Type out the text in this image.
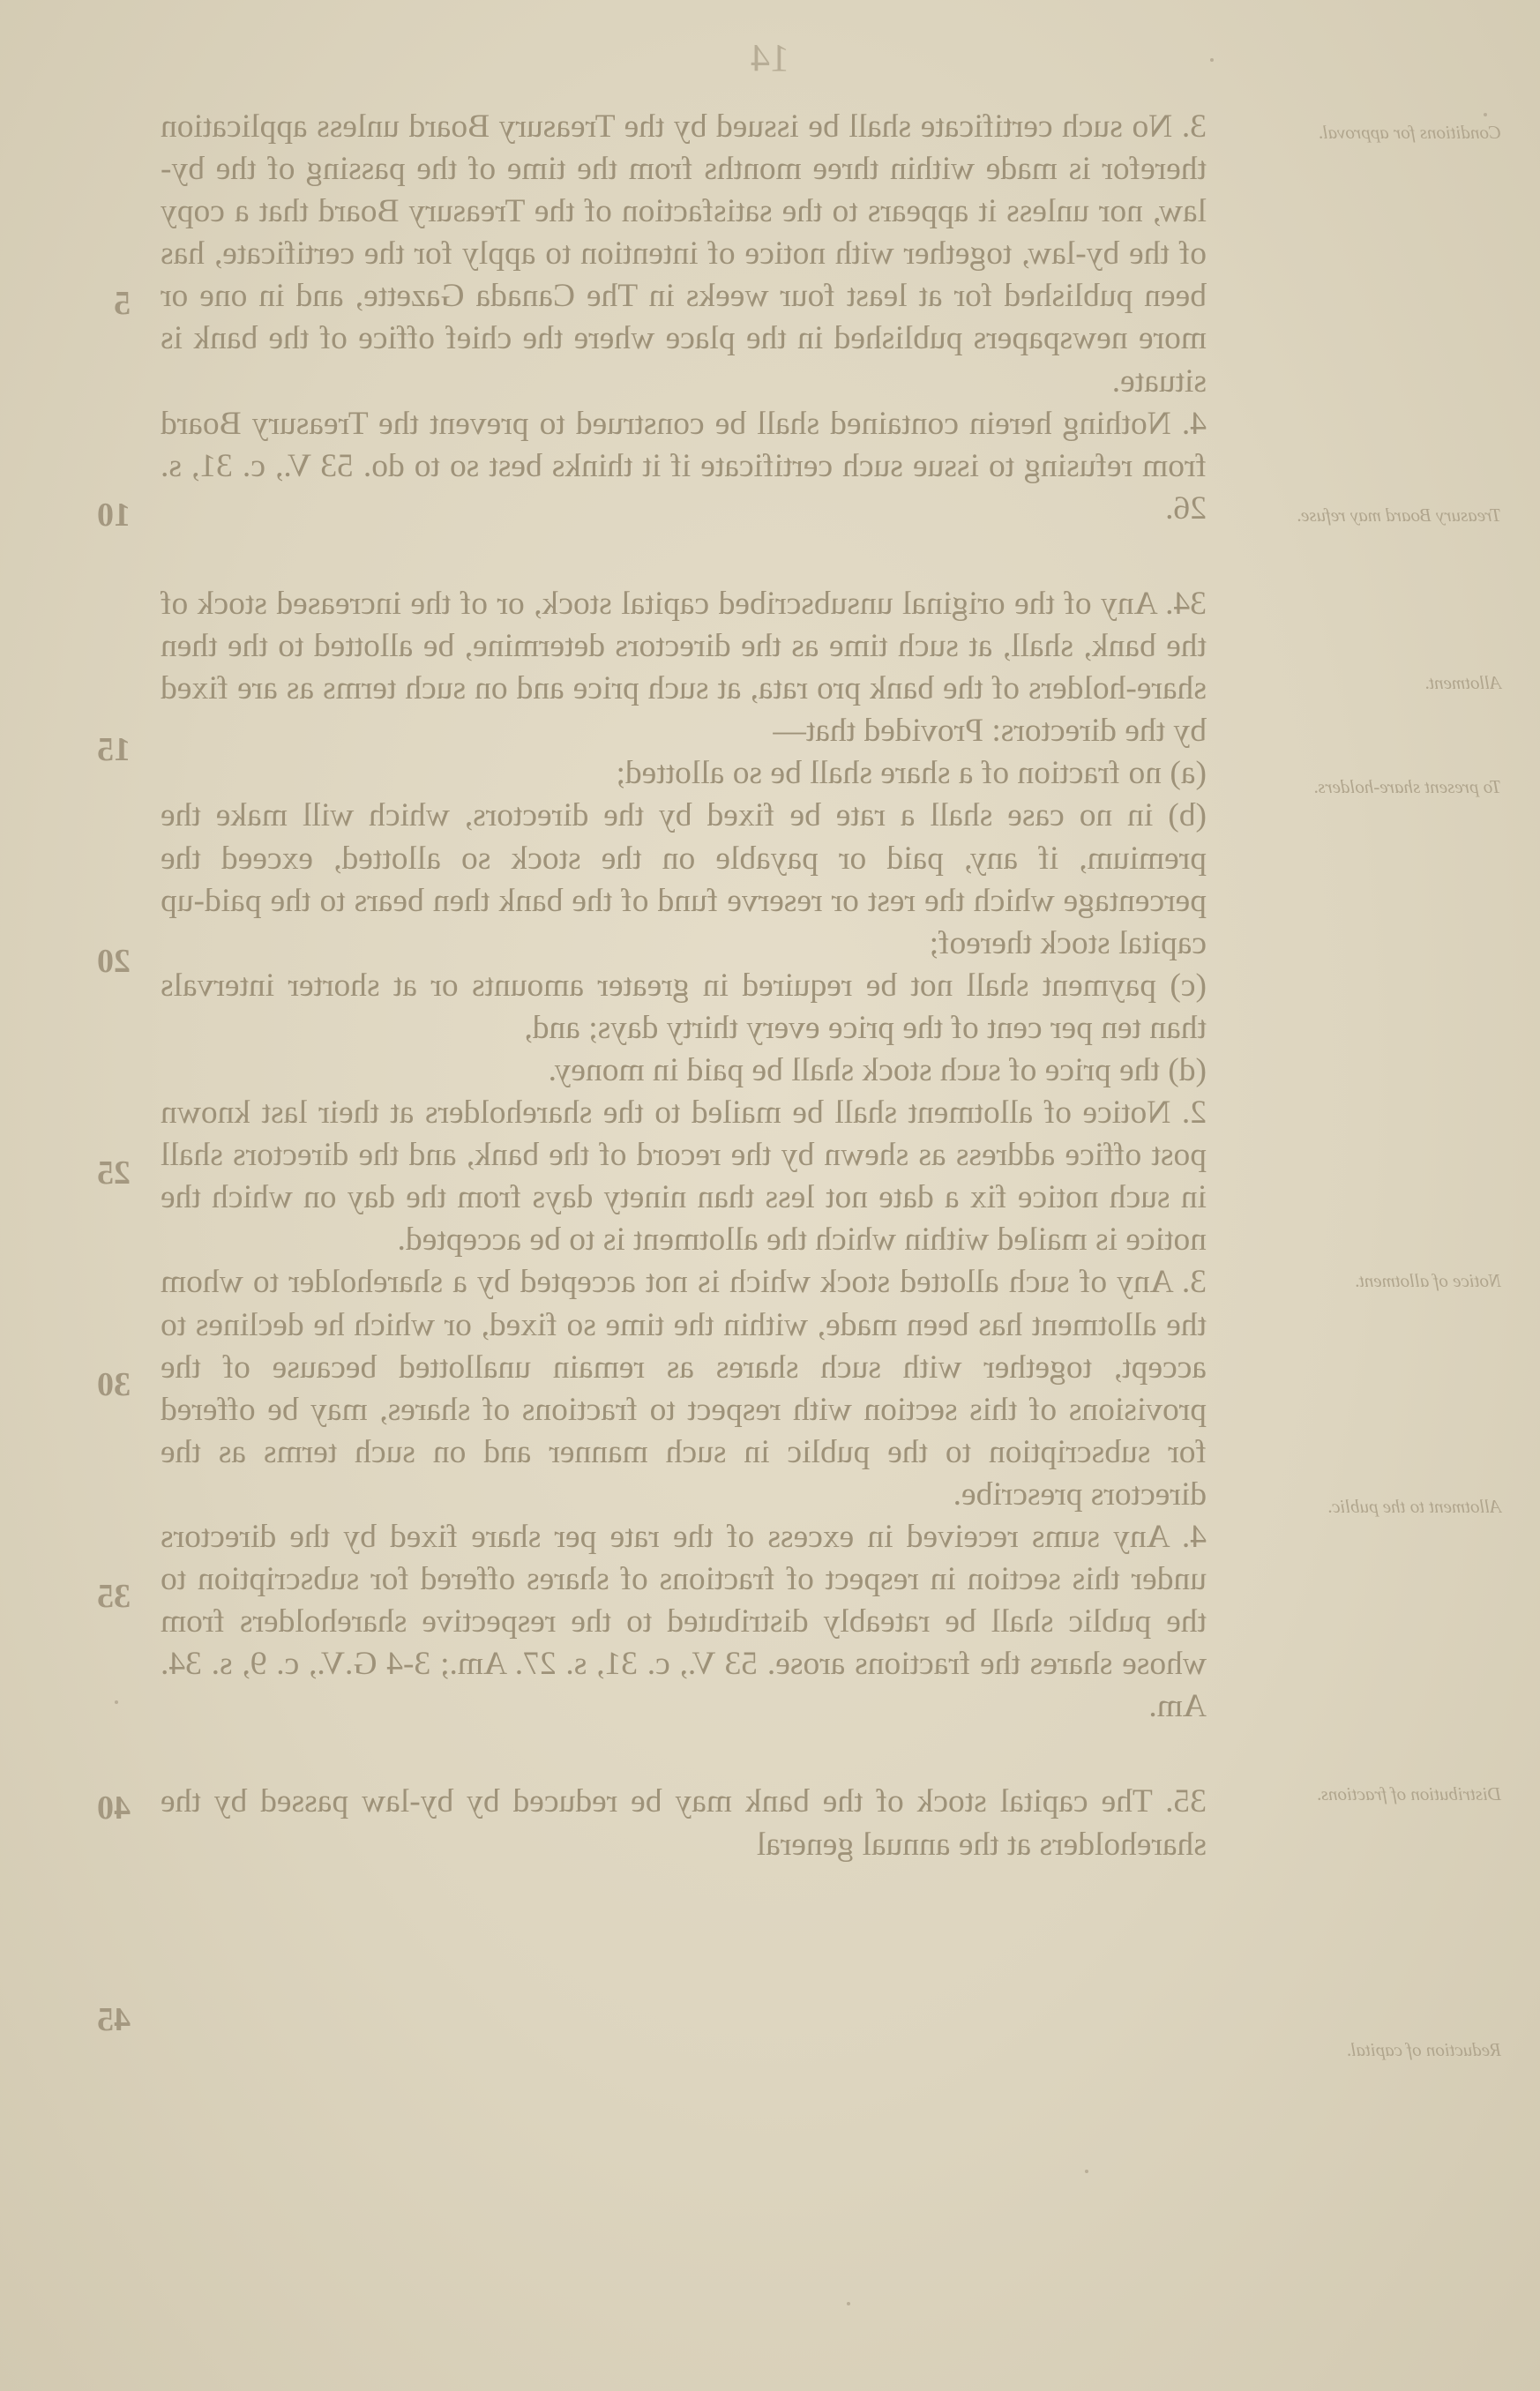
14

3. No such certificate shall be issued by the Treasury Board unless application therefor is made within three months from the time of the passing of the by-law, nor unless it appears to the satisfaction of the Treasury Board that a copy of the by-law, together with notice of intention to apply for the certificate, has been published for at least four weeks in The Canada Gazette, and in one or more newspapers published in the place where the chief office of the bank is situate.

4. Nothing herein contained shall be construed to prevent the Treasury Board from refusing to issue such certificate if it thinks best so to do. 53 V., c. 31, s. 26.

34. Any of the original unsubscribed capital stock, or of the increased stock of the bank, shall, at such time as the directors determine, be allotted to the then share-holders of the bank pro rata, at such price and on such terms as are fixed by the directors: Provided that—

(a) no fraction of a share shall be so allotted;

(b) in no case shall a rate be fixed by the directors, which will make the premium, if any, paid or payable on the stock so allotted, exceed the percentage which the rest or reserve fund of the bank then bears to the paid-up capital stock thereof;

(c) payment shall not be required in greater amounts or at shorter intervals than ten per cent of the price every thirty days; and,

(d) the price of such stock shall be paid in money.

2. Notice of allotment shall be mailed to the shareholders at their last known post office address as shewn by the record of the bank, and the directors shall in such notice fix a date not less than ninety days from the day on which the notice is mailed within which the allotment is to be accepted.

3. Any of such allotted stock which is not accepted by a shareholder to whom the allotment has been made, within the time so fixed, or which he declines to accept, together with such shares as remain unallotted because of the provisions of this section with respect to fractions of shares, may be offered for subscription to the public in such manner and on such terms as the directors prescribe.

4. Any sums received in excess of the rate per share fixed by the directors under this section in respect of fractions of shares offered for subscription to the public shall be rateably distributed to the respective shareholders from whose shares the fractions arose. 53 V., c. 31, s. 27. Am.; 3-4 G.V., c. 9, s. 34. Am.

35. The capital stock of the bank may be reduced by by-law passed by the shareholders at the annual general

5
10
15
20
25
30
35
40
45
Conditions for approval.
Treasury Board may refuse.
Allotment.
To present share-holders.
Notice of allotment.
Allotment to the public.
Distribution of fractions.
Reduction of capital.
